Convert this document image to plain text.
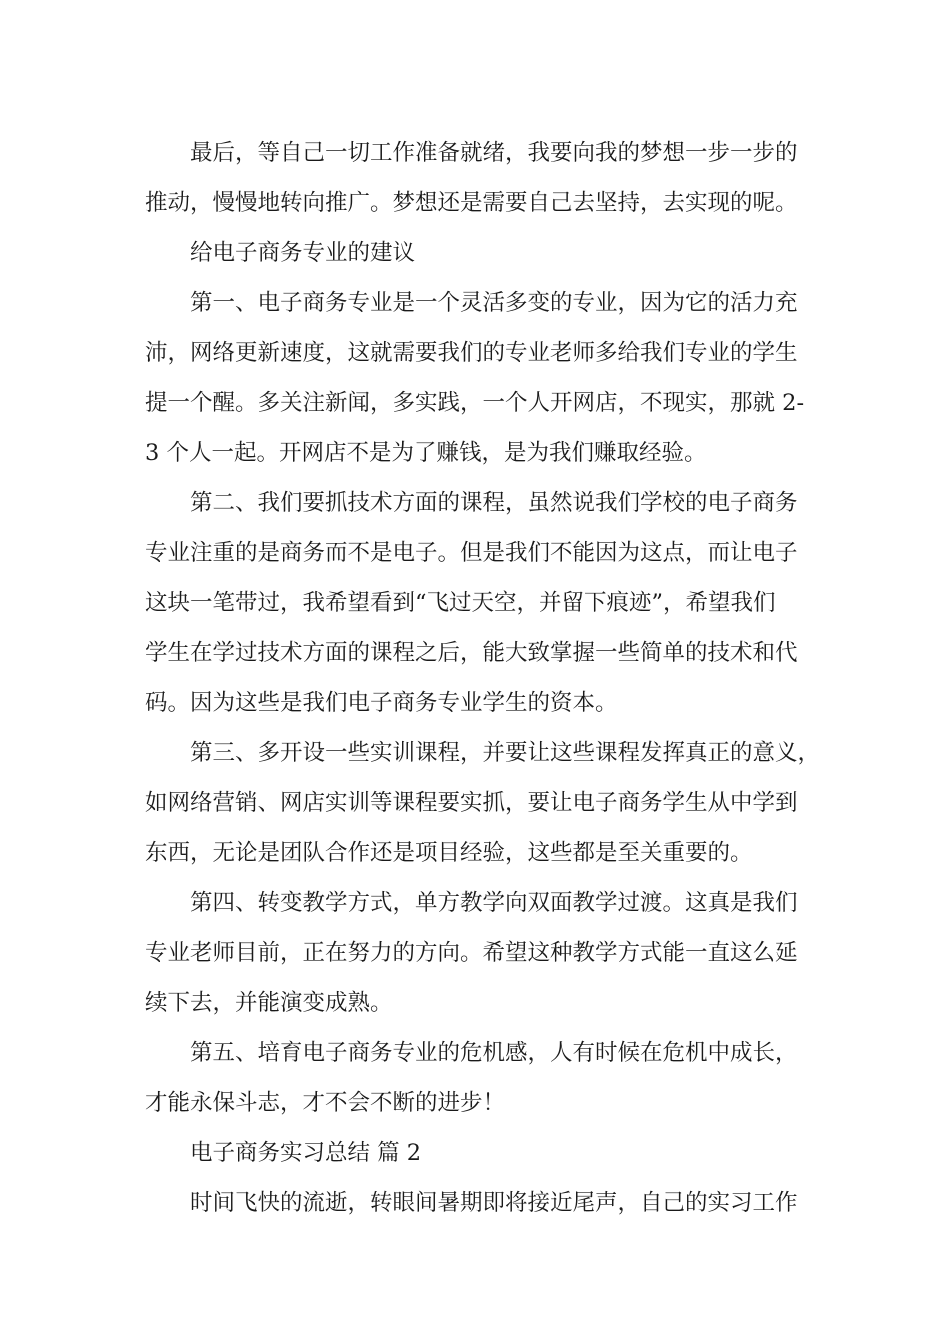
最后，等自己一切工作准备就绪，我要向我的梦想一步一步的
推动，慢慢地转向推广。梦想还是需要自己去坚持，去实现的呢。
给电子商务专业的建议
第一、电子商务专业是一个灵活多变的专业，因为它的活力充
沛，网络更新速度，这就需要我们的专业老师多给我们专业的学生
提一个醒。多关注新闻，多实践，一个人开网店，不现实，那就 2-
3 个人一起。开网店不是为了赚钱，是为我们赚取经验。
第二、我们要抓技术方面的课程，虽然说我们学校的电子商务
专业注重的是商务而不是电子。但是我们不能因为这点，而让电子
这块一笔带过，我希望看到“飞过天空，并留下痕迹”，希望我们
学生在学过技术方面的课程之后，能大致掌握一些简单的技术和代
码。因为这些是我们电子商务专业学生的资本。
第三、多开设一些实训课程，并要让这些课程发挥真正的意义，
如网络营销、网店实训等课程要实抓，要让电子商务学生从中学到
东西，无论是团队合作还是项目经验，这些都是至关重要的。
第四、转变教学方式，单方教学向双面教学过渡。这真是我们
专业老师目前，正在努力的方向。希望这种教学方式能一直这么延
续下去，并能演变成熟。
第五、培育电子商务专业的危机感，人有时候在危机中成长，
才能永保斗志，才不会不断的进步！
电子商务实习总结 篇 2
时间飞快的流逝，转眼间暑期即将接近尾声，自己的实习工作
